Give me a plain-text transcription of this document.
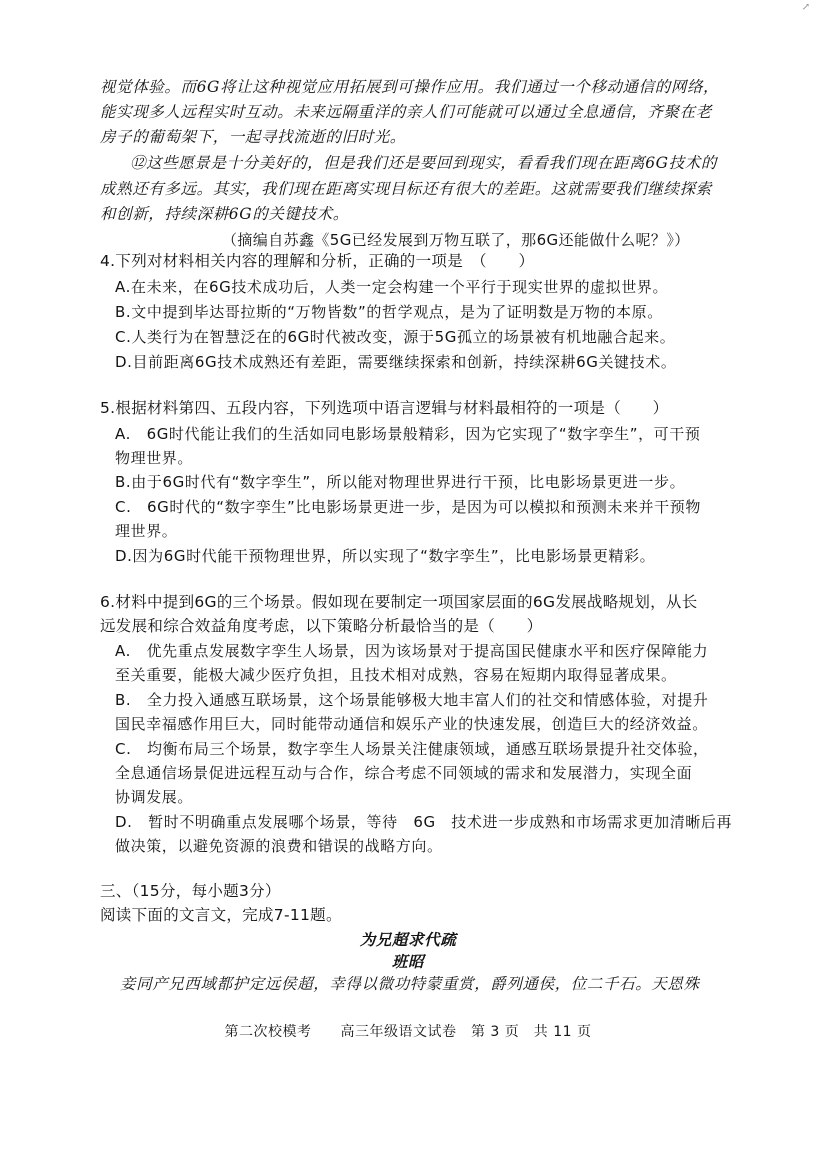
↗
视觉体验。而6G将让这种视觉应用拓展到可操作应用。我们通过一个移动通信的网络，
能实现多人远程实时互动。未来远隔重洋的亲人们可能就可以通过全息通信，齐聚在老
房子的葡萄架下，一起寻找流逝的旧时光。
⑫这些愿景是十分美好的，但是我们还是要回到现实，看看我们现在距离6G技术的
成熟还有多远。其实，我们现在距离实现目标还有很大的差距。这就需要我们继续探索
和创新，持续深耕6G的关键技术。
（摘编自苏鑫《5G已经发展到万物互联了，那6G还能做什么呢？》）
4.下列对材料相关内容的理解和分析，正确的一项是　（　　）
A.在未来，在6G技术成功后，人类一定会构建一个平行于现实世界的虚拟世界。
B.文中提到毕达哥拉斯的“万物皆数”的哲学观点，是为了证明数是万物的本原。
C.人类行为在智慧泛在的6G时代被改变，源于5G孤立的场景被有机地融合起来。
D.目前距离6G技术成熟还有差距，需要继续探索和创新，持续深耕6G关键技术。
5.根据材料第四、五段内容，下列选项中语言逻辑与材料最相符的一项是（　　）
A.　6G时代能让我们的生活如同电影场景般精彩，因为它实现了“数字孪生”，可干预
物理世界。
B.由于6G时代有“数字孪生”，所以能对物理世界进行干预，比电影场景更进一步。
C.　6G时代的“数字孪生”比电影场景更进一步，是因为可以模拟和预测未来并干预物
理世界。
D.因为6G时代能干预物理世界，所以实现了“数字孪生”，比电影场景更精彩。
6.材料中提到6G的三个场景。假如现在要制定一项国家层面的6G发展战略规划，从长
远发展和综合效益角度考虑，以下策略分析最恰当的是（　　）
A.　优先重点发展数字孪生人场景，因为该场景对于提高国民健康水平和医疗保障能力
至关重要，能极大减少医疗负担，且技术相对成熟，容易在短期内取得显著成果。
B.　全力投入通感互联场景，这个场景能够极大地丰富人们的社交和情感体验，对提升
国民幸福感作用巨大，同时能带动通信和娱乐产业的快速发展，创造巨大的经济效益。
C.　均衡布局三个场景，数字孪生人场景关注健康领域，通感互联场景提升社交体验，
全息通信场景促进远程互动与合作，综合考虑不同领域的需求和发展潜力，实现全面
协调发展。
D.　暂时不明确重点发展哪个场景，等待　6G　技术进一步成熟和市场需求更加清晰后再
做决策，以避免资源的浪费和错误的战略方向。
三、（15分，每小题3分）
阅读下面的文言文，完成7-11题。
为兄超求代疏
班昭
妾同产兄西域都护定远侯超，幸得以微功特蒙重赏，爵列通侯，位二千石。天恩殊
第二次校模考　　高三年级语文试卷　第 3 页　共 11 页
